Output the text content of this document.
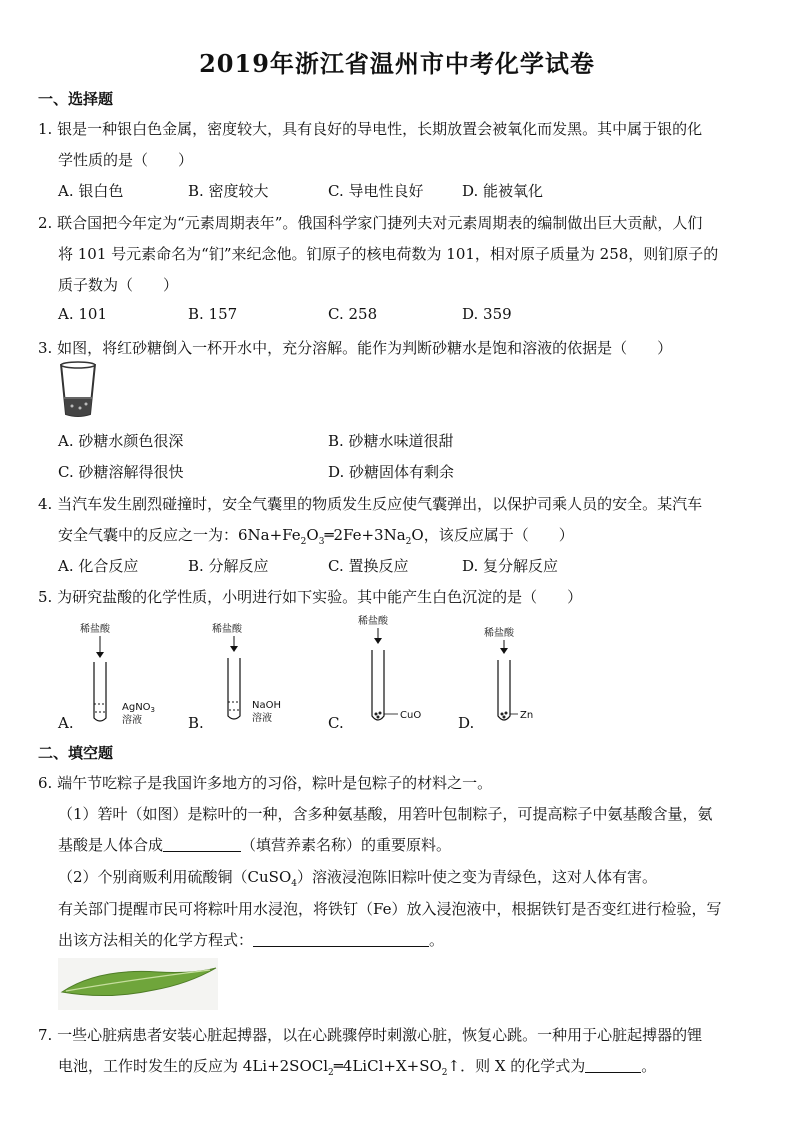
2019年浙江省温州市中考化学试卷
一、选择题
1. 银是一种银白色金属，密度较大，具有良好的导电性，长期放置会被氧化而发黑。其中属于银的化
学性质的是（　　）
A. 银白色	B. 密度较大	C. 导电性良好	D. 能被氧化
2. 联合国把今年定为“元素周期表年”。俄国科学家门捷列夫对元素周期表的编制做出巨大贡献，人们
将 101 号元素命名为“钔”来纪念他。钔原子的核电荷数为 101，相对原子质量为 258，则钔原子的
质子数为（　　）
A. 101	B. 157	C. 258	D. 359
3. 如图，将红砂糖倒入一杯开水中，充分溶解。能作为判断砂糖水是饱和溶液的依据是（　　）
A. 砂糖水颜色很深	B. 砂糖水味道很甜
C. 砂糖溶解得很快	D. 砂糖固体有剩余
4. 当汽车发生剧烈碰撞时，安全气囊里的物质发生反应使气囊弹出，以保护司乘人员的安全。某汽车
安全气囊中的反应之一为：$6Na+Fe_2O_3═2Fe+3Na_2O$，该反应属于（　　）
A. 化合反应	B. 分解反应	C. 置换反应	D. 复分解反应
5. 为研究盐酸的化学性质，小明进行如下实验。其中能产生白色沉淀的是（　　）
A.
稀盐酸
AgNO$_3$
溶液	B.
稀盐酸
NaOH
溶液	C.
稀盐酸
CuO D.
稀盐酸
Zn
二、填空题
6. 端午节吃粽子是我国许多地方的习俗，粽叶是包粽子的材料之一。
（1）箬叶（如图）是粽叶的一种，含多种氨基酸，用箬叶包制粽子，可提高粽子中氨基酸含量，氨
基酸是人体合成	（填营养素名称）的重要原料。
（2）个别商贩利用硫酸铜（CuSO$_4$）溶液浸泡陈旧粽叶使之变为青绿色，这对人体有害。
有关部门提醒市民可将粽叶用水浸泡，将铁钉（Fe）放入浸泡液中，根据铁钉是否变红进行检验，写
出该方法相关的化学方程式：	。
7. 一些心脏病患者安装心脏起搏器，以在心跳骤停时刺激心脏，恢复心跳。一种用于心脏起搏器的锂
电池，工作时发生的反应为 $4Li+2SOCl_2═4LiCl+X+SO_2↑$．则 X 的化学式为	。
